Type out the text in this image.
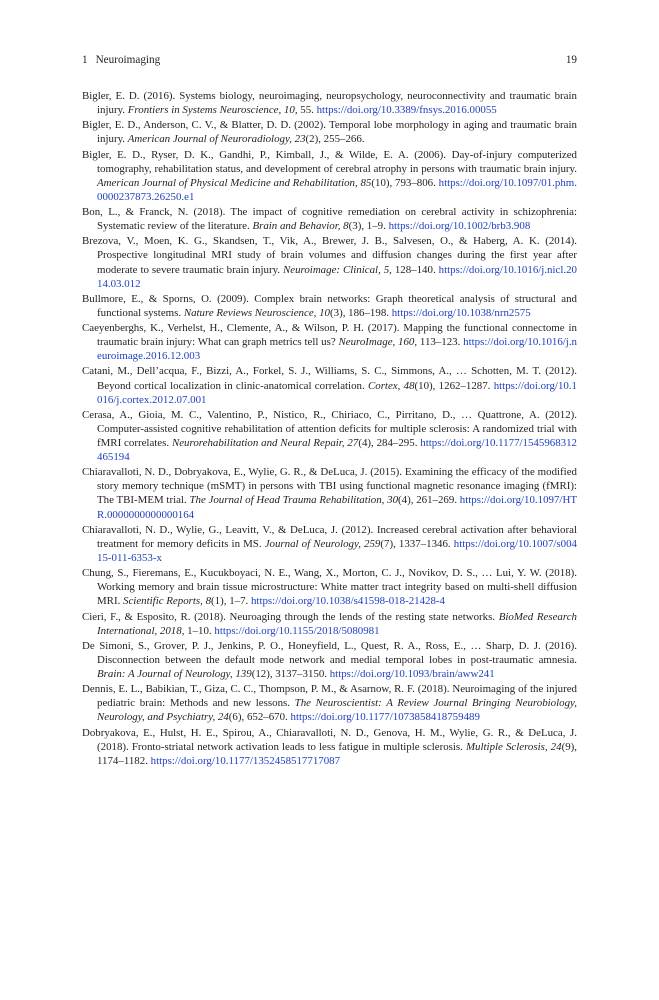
1 Neuroimaging	19
Bigler, E. D. (2016). Systems biology, neuroimaging, neuropsychology, neuroconnectivity and traumatic brain injury. Frontiers in Systems Neuroscience, 10, 55. https://doi.org/10.3389/fnsys.2016.00055
Bigler, E. D., Anderson, C. V., & Blatter, D. D. (2002). Temporal lobe morphology in aging and traumatic brain injury. American Journal of Neuroradiology, 23(2), 255–266.
Bigler, E. D., Ryser, D. K., Gandhi, P., Kimball, J., & Wilde, E. A. (2006). Day-of-injury computerized tomography, rehabilitation status, and development of cerebral atrophy in persons with traumatic brain injury. American Journal of Physical Medicine and Rehabilitation, 85(10), 793–806. https://doi.org/10.1097/01.phm.0000237873.26250.e1
Bon, L., & Franck, N. (2018). The impact of cognitive remediation on cerebral activity in schizophrenia: Systematic review of the literature. Brain and Behavior, 8(3), 1–9. https://doi.org/10.1002/brb3.908
Brezova, V., Moen, K. G., Skandsen, T., Vik, A., Brewer, J. B., Salvesen, O., & Haberg, A. K. (2014). Prospective longitudinal MRI study of brain volumes and diffusion changes during the first year after moderate to severe traumatic brain injury. Neuroimage: Clinical, 5, 128–140. https://doi.org/10.1016/j.nicl.2014.03.012
Bullmore, E., & Sporns, O. (2009). Complex brain networks: Graph theoretical analysis of structural and functional systems. Nature Reviews Neuroscience, 10(3), 186–198. https://doi.org/10.1038/nrn2575
Caeyenberghs, K., Verhelst, H., Clemente, A., & Wilson, P. H. (2017). Mapping the functional connectome in traumatic brain injury: What can graph metrics tell us? NeuroImage, 160, 113–123. https://doi.org/10.1016/j.neuroimage.2016.12.003
Catani, M., Dell’acqua, F., Bizzi, A., Forkel, S. J., Williams, S. C., Simmons, A., … Schotten, M. T. (2012). Beyond cortical localization in clinic-anatomical correlation. Cortex, 48(10), 1262–1287. https://doi.org/10.1016/j.cortex.2012.07.001
Cerasa, A., Gioia, M. C., Valentino, P., Nistico, R., Chiriaco, C., Pirritano, D., … Quattrone, A. (2012). Computer-assisted cognitive rehabilitation of attention deficits for multiple sclerosis: A randomized trial with fMRI correlates. Neurorehabilitation and Neural Repair, 27(4), 284–295. https://doi.org/10.1177/1545968312465194
Chiaravalloti, N. D., Dobryakova, E., Wylie, G. R., & DeLuca, J. (2015). Examining the efficacy of the modified story memory technique (mSMT) in persons with TBI using functional magnetic resonance imaging (fMRI): The TBI-MEM trial. The Journal of Head Trauma Rehabilitation, 30(4), 261–269. https://doi.org/10.1097/HTR.0000000000000164
Chiaravalloti, N. D., Wylie, G., Leavitt, V., & DeLuca, J. (2012). Increased cerebral activation after behavioral treatment for memory deficits in MS. Journal of Neurology, 259(7), 1337–1346. https://doi.org/10.1007/s00415-011-6353-x
Chung, S., Fieremans, E., Kucukboyaci, N. E., Wang, X., Morton, C. J., Novikov, D. S., … Lui, Y. W. (2018). Working memory and brain tissue microstructure: White matter tract integrity based on multi-shell diffusion MRI. Scientific Reports, 8(1), 1–7. https://doi.org/10.1038/s41598-018-21428-4
Cieri, F., & Esposito, R. (2018). Neuroaging through the lends of the resting state networks. BioMed Research International, 2018, 1–10. https://doi.org/10.1155/2018/5080981
De Simoni, S., Grover, P. J., Jenkins, P. O., Honeyfield, L., Quest, R. A., Ross, E., … Sharp, D. J. (2016). Disconnection between the default mode network and medial temporal lobes in post-traumatic amnesia. Brain: A Journal of Neurology, 139(12), 3137–3150. https://doi.org/10.1093/brain/aww241
Dennis, E. L., Babikian, T., Giza, C. C., Thompson, P. M., & Asarnow, R. F. (2018). Neuroimaging of the injured pediatric brain: Methods and new lessons. The Neuroscientist: A Review Journal Bringing Neurobiology, Neurology, and Psychiatry, 24(6), 652–670. https://doi.org/10.1177/1073858418759489
Dobryakova, E., Hulst, H. E., Spirou, A., Chiaravalloti, N. D., Genova, H. M., Wylie, G. R., & DeLuca, J. (2018). Fronto-striatal network activation leads to less fatigue in multiple sclerosis. Multiple Sclerosis, 24(9), 1174–1182. https://doi.org/10.1177/1352458517717087
